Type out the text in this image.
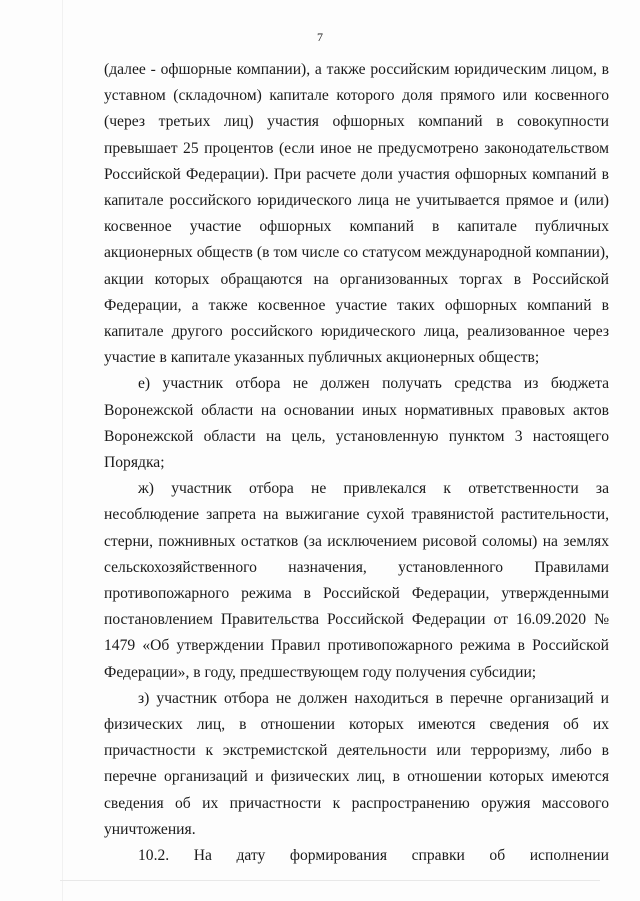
7

(далее - офшорные компании), а также российским юридическим лицом, в уставном (складочном) капитале которого доля прямого или косвенного (через третьих лиц) участия офшорных компаний в совокупности превышает 25 процентов (если иное не предусмотрено законодательством Российской Федерации). При расчете доли участия офшорных компаний в капитале российского юридического лица не учитывается прямое и (или) косвенное участие офшорных компаний в капитале публичных акционерных обществ (в том числе со статусом международной компании), акции которых обращаются на организованных торгах в Российской Федерации, а также косвенное участие таких офшорных компаний в капитале другого российского юридического лица, реализованное через участие в капитале указанных публичных акционерных обществ;

е) участник отбора не должен получать средства из бюджета Воронежской области на основании иных нормативных правовых актов Воронежской области на цель, установленную пунктом 3 настоящего Порядка;

ж) участник отбора не привлекался к ответственности за несоблюдение запрета на выжигание сухой травянистой растительности, стерни, пожнивных остатков (за исключением рисовой соломы) на землях сельскохозяйственного назначения, установленного Правилами противопожарного режима в Российской Федерации, утвержденными постановлением Правительства Российской Федерации от 16.09.2020 № 1479 «Об утверждении Правил противопожарного режима в Российской Федерации», в году, предшествующем году получения субсидии;

з) участник отбора не должен находиться в перечне организаций и физических лиц, в отношении которых имеются сведения об их причастности к экстремистской деятельности или терроризму, либо в перечне организаций и физических лиц, в отношении которых имеются сведения об их причастности к распространению оружия массового уничтожения.

10.2. На дату формирования справки об исполнении
